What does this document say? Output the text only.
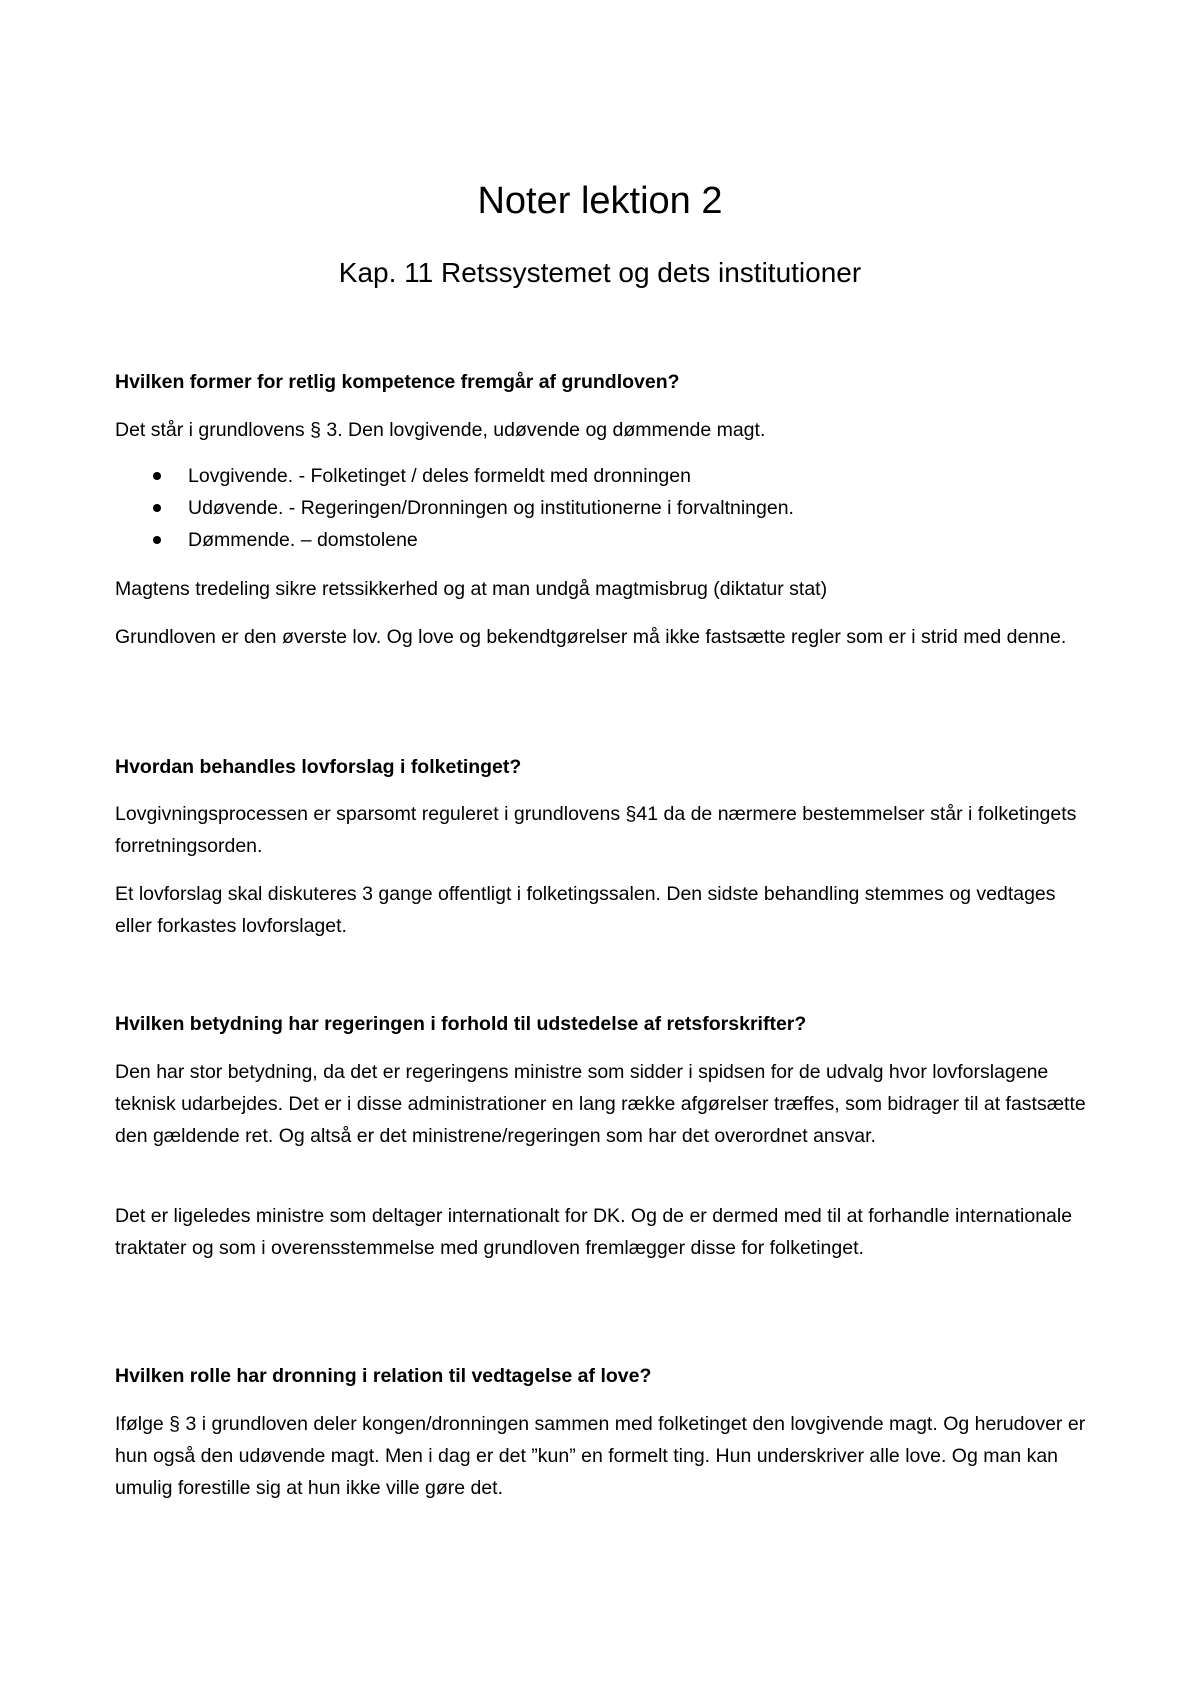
Noter lektion 2
Kap. 11 Retssystemet og dets institutioner

Hvilken former for retlig kompetence fremgår af grundloven?

Det står i grundlovens § 3. Den lovgivende, udøvende og dømmende magt.

Lovgivende. - Folketinget / deles formeldt med dronningen
Udøvende. - Regeringen/Dronningen og institutionerne i forvaltningen.
Dømmende. – domstolene

Magtens tredeling sikre retssikkerhed og at man undgå magtmisbrug (diktatur stat)

Grundloven er den øverste lov. Og love og bekendtgørelser må ikke fastsætte regler som er i strid med denne.

Hvordan behandles lovforslag i folketinget?

Lovgivningsprocessen er sparsomt reguleret i grundlovens §41 da de nærmere bestemmelser står i folketingets forretningsorden.

Et lovforslag skal diskuteres 3 gange offentligt i folketingssalen. Den sidste behandling stemmes og vedtages eller forkastes lovforslaget.

Hvilken betydning har regeringen i forhold til udstedelse af retsforskrifter?

Den har stor betydning, da det er regeringens ministre som sidder i spidsen for de udvalg hvor lovforslagene teknisk udarbejdes. Det er i disse administrationer en lang række afgørelser træffes, som bidrager til at fastsætte den gældende ret. Og altså er det ministrene/regeringen som har det overordnet ansvar.

Det er ligeledes ministre som deltager internationalt for DK. Og de er dermed med til at forhandle internationale traktater og som i overensstemmelse med grundloven fremlægger disse for folketinget.

Hvilken rolle har dronning i relation til vedtagelse af love?

Ifølge § 3 i grundloven deler kongen/dronningen sammen med folketinget den lovgivende magt. Og herudover er hun også den udøvende magt. Men i dag er det ”kun” en formelt ting. Hun underskriver alle love. Og man kan umulig forestille sig at hun ikke ville gøre det.
